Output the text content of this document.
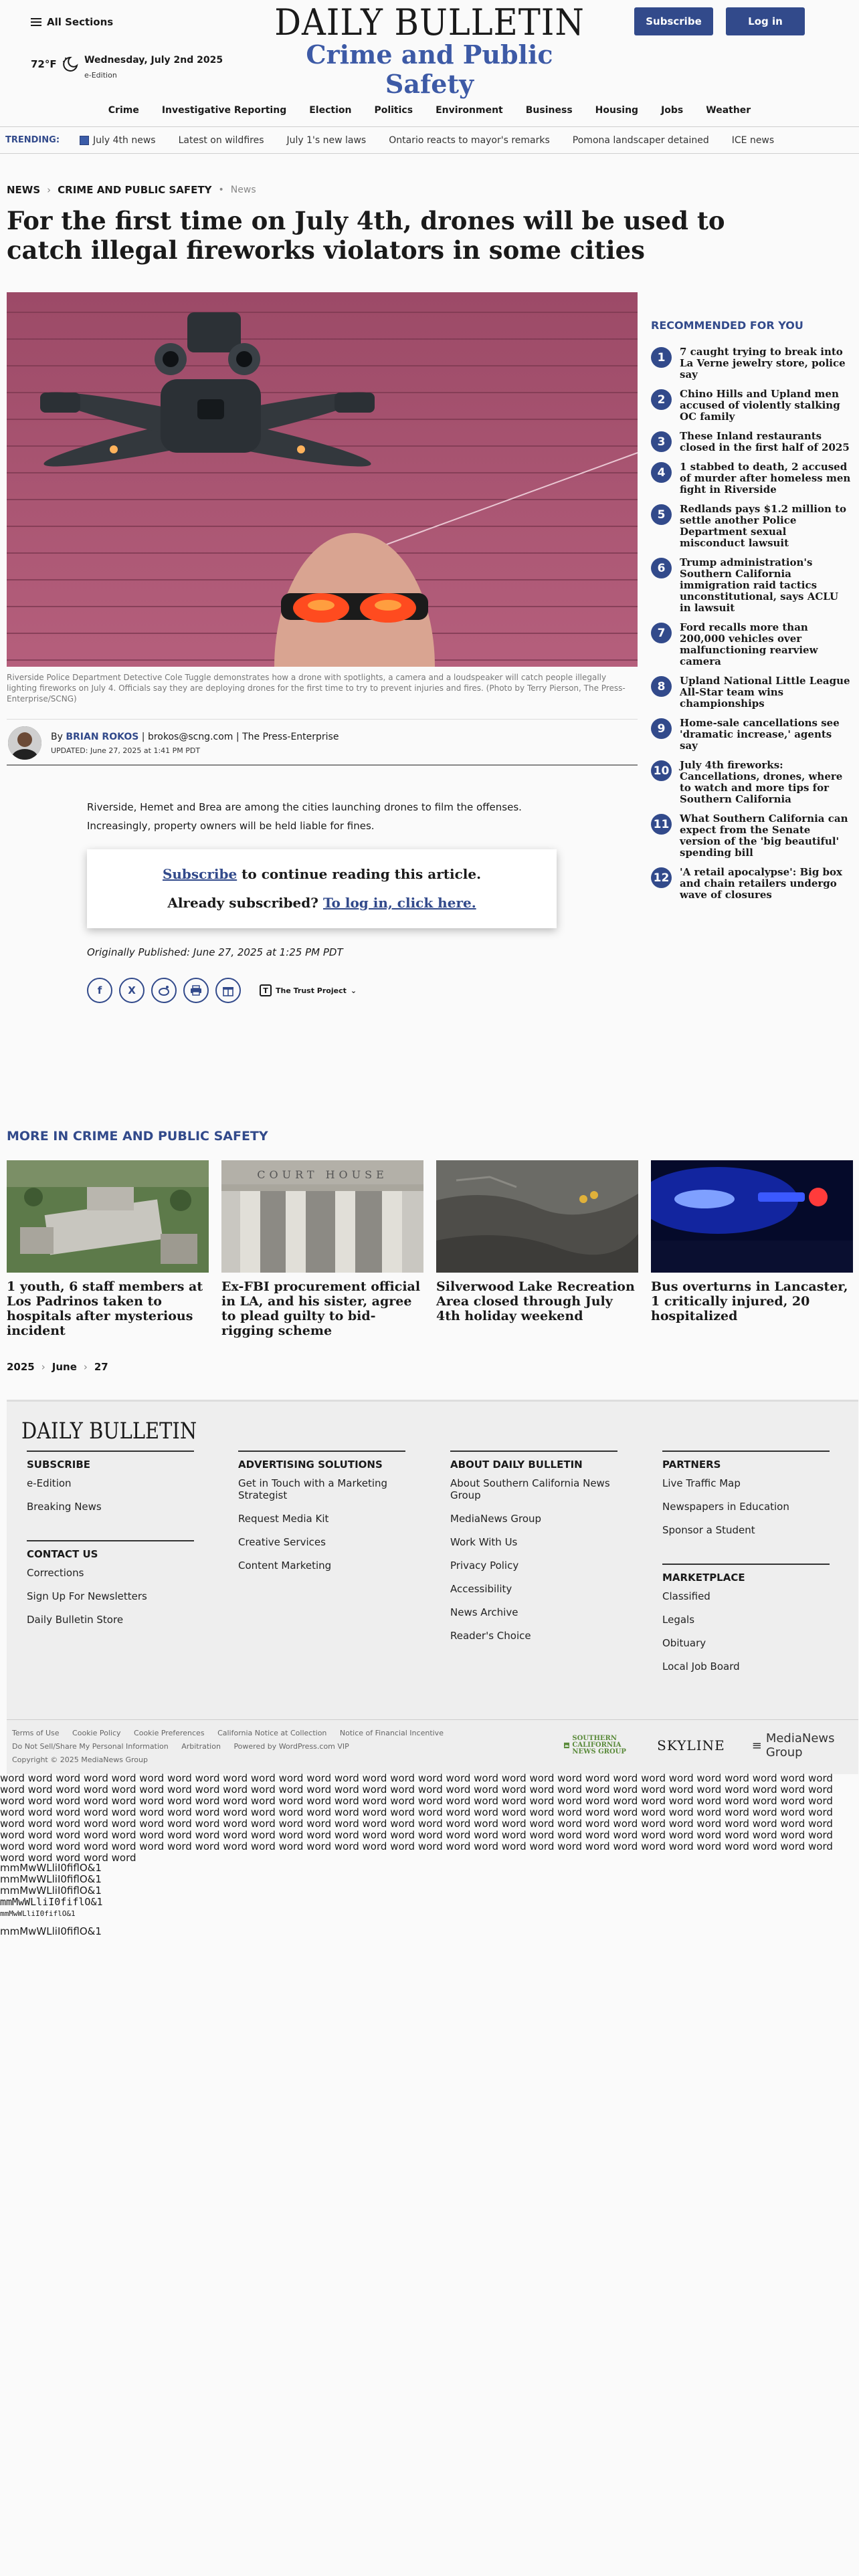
All Sections
72°F	Wednesday, July 2nd 2025
e-Edition
DAILY BULLETIN
Crime and Public Safety
Subscribe	Log in
Crime Investigative Reporting Election Politics Environment Business Housing Jobs Weather
TRENDING:	July 4th news Latest on wildfires July 1's new laws Ontario reacts to mayor's remarks Pomona landscaper detained ICE news
NEWS › CRIME AND PUBLIC SAFETY • News
For the first time on July 4th, drones will be used to catch illegal fireworks violators in some cities
Riverside Police Department Detective Cole Tuggle demonstrates how a drone with spotlights, a camera and a loudspeaker will catch people illegally lighting fireworks on July 4. Officials say they are deploying drones for the first time to try to prevent injuries and fires. (Photo by Terry Pierson, The Press-Enterprise/SCNG)
By BRIAN ROKOS | brokos@scng.com | The Press-Enterprise
UPDATED: June 27, 2025 at 1:41 PM PDT

Riverside, Hemet and Brea are among the cities launching drones to film the offenses. Increasingly, property owners will be held liable for fines.

Subscribe to continue reading this article.
Already subscribed? To log in, click here.
Originally Published: June 27, 2025 at 1:25 PM PDT
f	X	T	The Trust Project ⌄
RECOMMENDED FOR YOU
1	7 caught trying to break into La Verne jewelry store, police say
2	Chino Hills and Upland men accused of violently stalking OC family
3	These Inland restaurants closed in the first half of 2025
4	1 stabbed to death, 2 accused of murder after homeless men fight in Riverside
5	Redlands pays $1.2 million to settle another Police Department sexual misconduct lawsuit
6	Trump administration's Southern California immigration raid tactics unconstitutional, says ACLU in lawsuit
7	Ford recalls more than 200,000 vehicles over malfunctioning rearview camera
8	Upland National Little League All-Star team wins championships
9	Home-sale cancellations see 'dramatic increase,' agents say
10 July 4th fireworks: Cancellations, drones, where to watch and more tips for Southern California
11 What Southern California can expect from the Senate version of the 'big beautiful' spending bill
12 'A retail apocalypse': Big box and chain retailers undergo wave of closures
MORE IN CRIME AND PUBLIC SAFETY
1 youth, 6 staff members at Los Padrinos taken to hospitals after mysterious incident
COURT HOUSE
Ex-FBI procurement official in LA, and his sister, agree to plead guilty to bid-rigging scheme
Silverwood Lake Recreation Area closed through July 4th holiday weekend
Bus overturns in Lancaster, 1 critically injured, 20 hospitalized
2025 › June › 27
DAILY BULLETIN
SUBSCRIBE
e-Edition
Breaking News
CONTACT US
Corrections
Sign Up For Newsletters
Daily Bulletin Store
ADVERTISING SOLUTIONS
Get in Touch with a Marketing Strategist
Request Media Kit
Creative Services
Content Marketing
ABOUT DAILY BULLETIN
About Southern California News Group
MediaNews Group
Work With Us
Privacy Policy
Accessibility
News Archive
Reader's Choice
PARTNERS
Live Traffic Map
Newspapers in Education
Sponsor a Student
MARKETPLACE
Classified
Legals
Obituary
Local Job Board
Terms of Use Cookie Policy Cookie Preferences California Notice at Collection Notice of Financial Incentive
Do Not Sell/Share My Personal Information Arbitration Powered by WordPress.com VIP
Copyright © 2025 MediaNews Group
SOUTHERN CALIFORNIA NEWS GROUP	SKYLINE ≡ MediaNews Group
word word word word word word word word word word word word word word word word word word word word word word word word word word word word word word word word word word word word word word word word word word word word word word word word word word word word word word word word word word word word word word word word word word word word word word word word word word word word word word word word word word word word word word word word word word word word word word word word word word word word word word word word word word word word word word word word word word word word word word word word word word word word word word word word word word word word word word word word word word word word word word word word word word word word word word word word word word word word word word word word word word word word word word word word word word word word word word word word word word word word word word word word word word word word word word word word word word word word word word word word word word word word word word word word word word word word word word word
mmMwWLliI0fiflO&1
mmMwWLliI0fiflO&1
mmMwWLliI0fiflO&1
mmMwWLliI0fiflO&1
mmMwWLliI0fiflO&1
mmMwWLliI0fiflO&1
